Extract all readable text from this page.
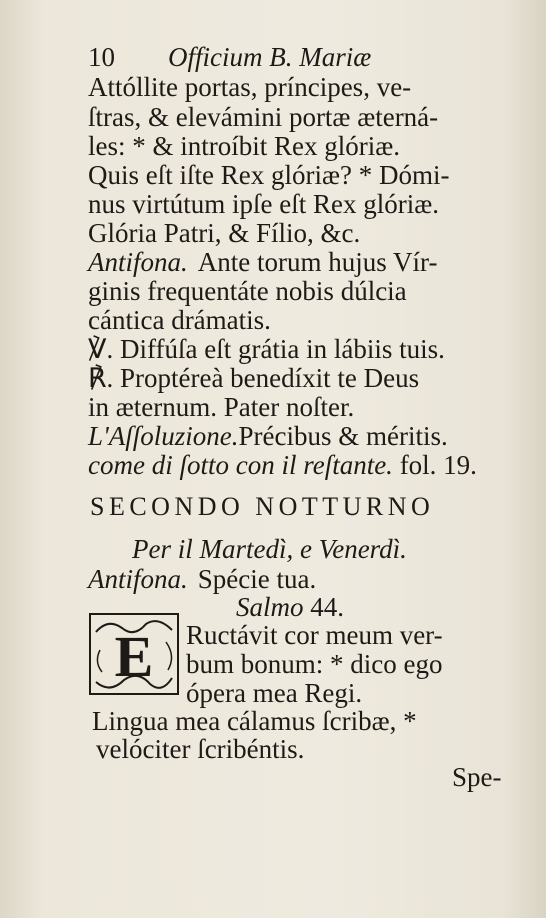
10 Officium B. Mariæ
Attóllite portas, príncipes, ve-
ſtras, & elevámini portæ æterná-
les: * & introíbit Rex glóriæ.
Quis eſt iſte Rex glóriæ? * Dómi-
nus virtútum ipſe eſt Rex glóriæ.
Glória Patri, & Fílio, &c.
Antifona. Ante torum hujus Vír-
ginis frequentáte nobis dúlcia
cántica drámatis.
℣. Diffúſa eſt grátia in lábiis tuis.
℟. Proptéreà benedíxit te Deus
in æternum. Pater noſter.
L'Aſſoluzione.Précibus & méritis.
come di ſotto con il reſtante. fol. 19.
SECONDO NOTTURNO
Per il Martedì, e Venerdì.
Antifona. Spécie tua.
Salmo 44.
E Ructávit cor meum ver-
bum bonum: * dico ego
ópera mea Regi.
Lingua mea cálamus ſcribæ, *
velóciter ſcribéntis.
Spe-
